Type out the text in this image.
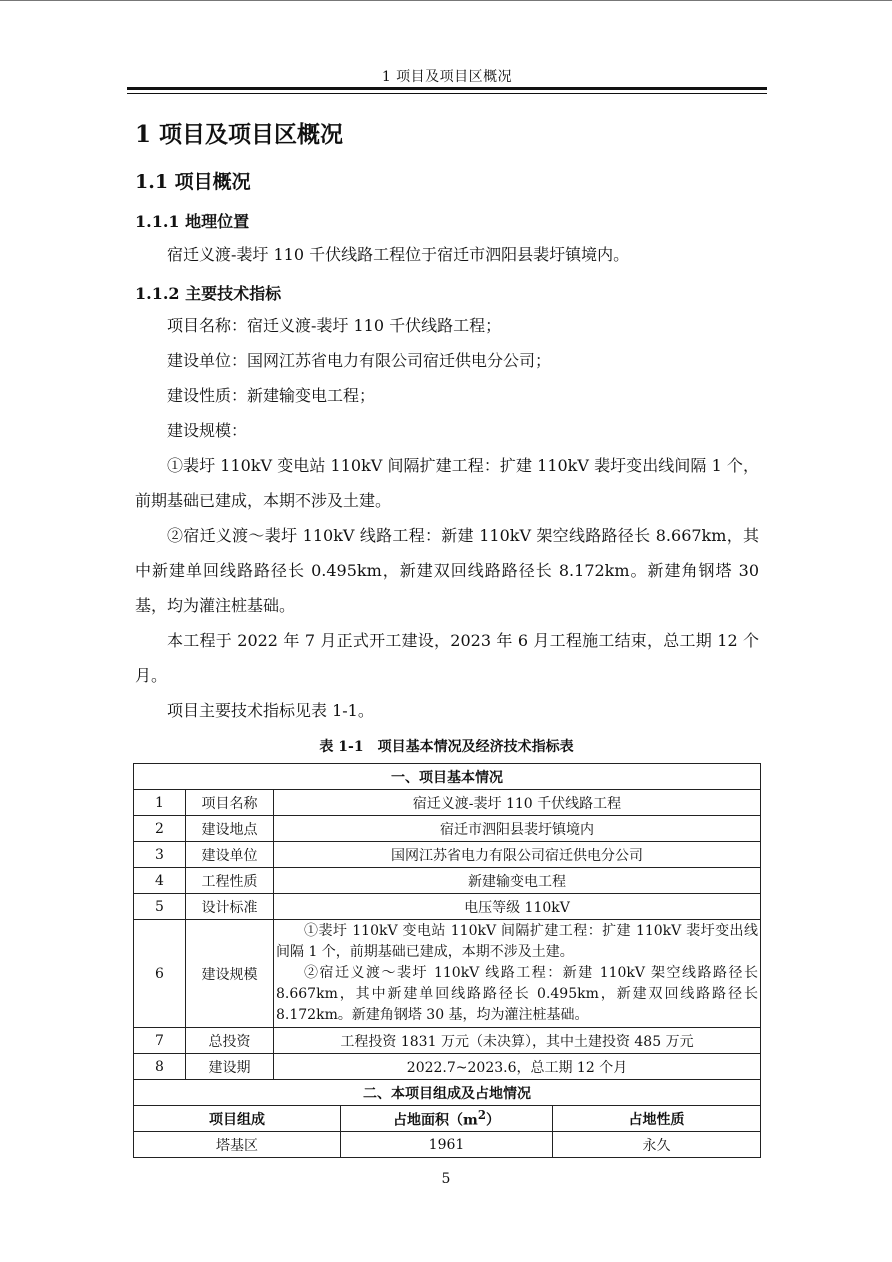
1 项目及项目区概况
1 项目及项目区概况
1.1 项目概况
1.1.1 地理位置

宿迁义渡-裴圩 110 千伏线路工程位于宿迁市泗阳县裴圩镇境内。

1.1.2 主要技术指标

项目名称：宿迁义渡-裴圩 110 千伏线路工程；

建设单位：国网江苏省电力有限公司宿迁供电分公司；

建设性质：新建输变电工程；

建设规模：

①裴圩 110kV 变电站 110kV 间隔扩建工程：扩建 110kV 裴圩变出线间隔 1 个，前期基础已建成，本期不涉及土建。

②宿迁义渡～裴圩 110kV 线路工程：新建 110kV 架空线路路径长 8.667km，其中新建单回线路路径长 0.495km，新建双回线路路径长 8.172km。新建角钢塔 30 基，均为灌注桩基础。

本工程于 2022 年 7 月正式开工建设，2023 年 6 月工程施工结束，总工期 12 个月。

项目主要技术指标见表 1-1。

表 1-1　项目基本情况及经济技术指标表
一、项目基本情况				
1	项目名称	宿迁义渡-裴圩 110 千伏线路工程		
2	建设地点	宿迁市泗阳县裴圩镇境内		
3	建设单位	国网江苏省电力有限公司宿迁供电分公司		
4	工程性质	新建输变电工程		
5	设计标准	电压等级 110kV		
6	建设规模	①裴圩 110kV 变电站 110kV 间隔扩建工程：扩建 110kV 裴圩变出线间隔 1 个，前期基础已建成，本期不涉及土建。
②宿迁义渡～裴圩 110kV 线路工程：新建 110kV 架空线路路径长 8.667km，其中新建单回线路路径长 0.495km，新建双回线路路径长 8.172km。新建角钢塔 30 基，均为灌注桩基础。		

7	总投资	工程投资 1831 万元（未决算），其中土建投资 485 万元		
8	建设期	2022.7~2023.6，总工期 12 个月		
二、本项目组成及占地情况				
项目组成			占地面积$(m^2)$	占地性质
塔基区			1961	永久
5
